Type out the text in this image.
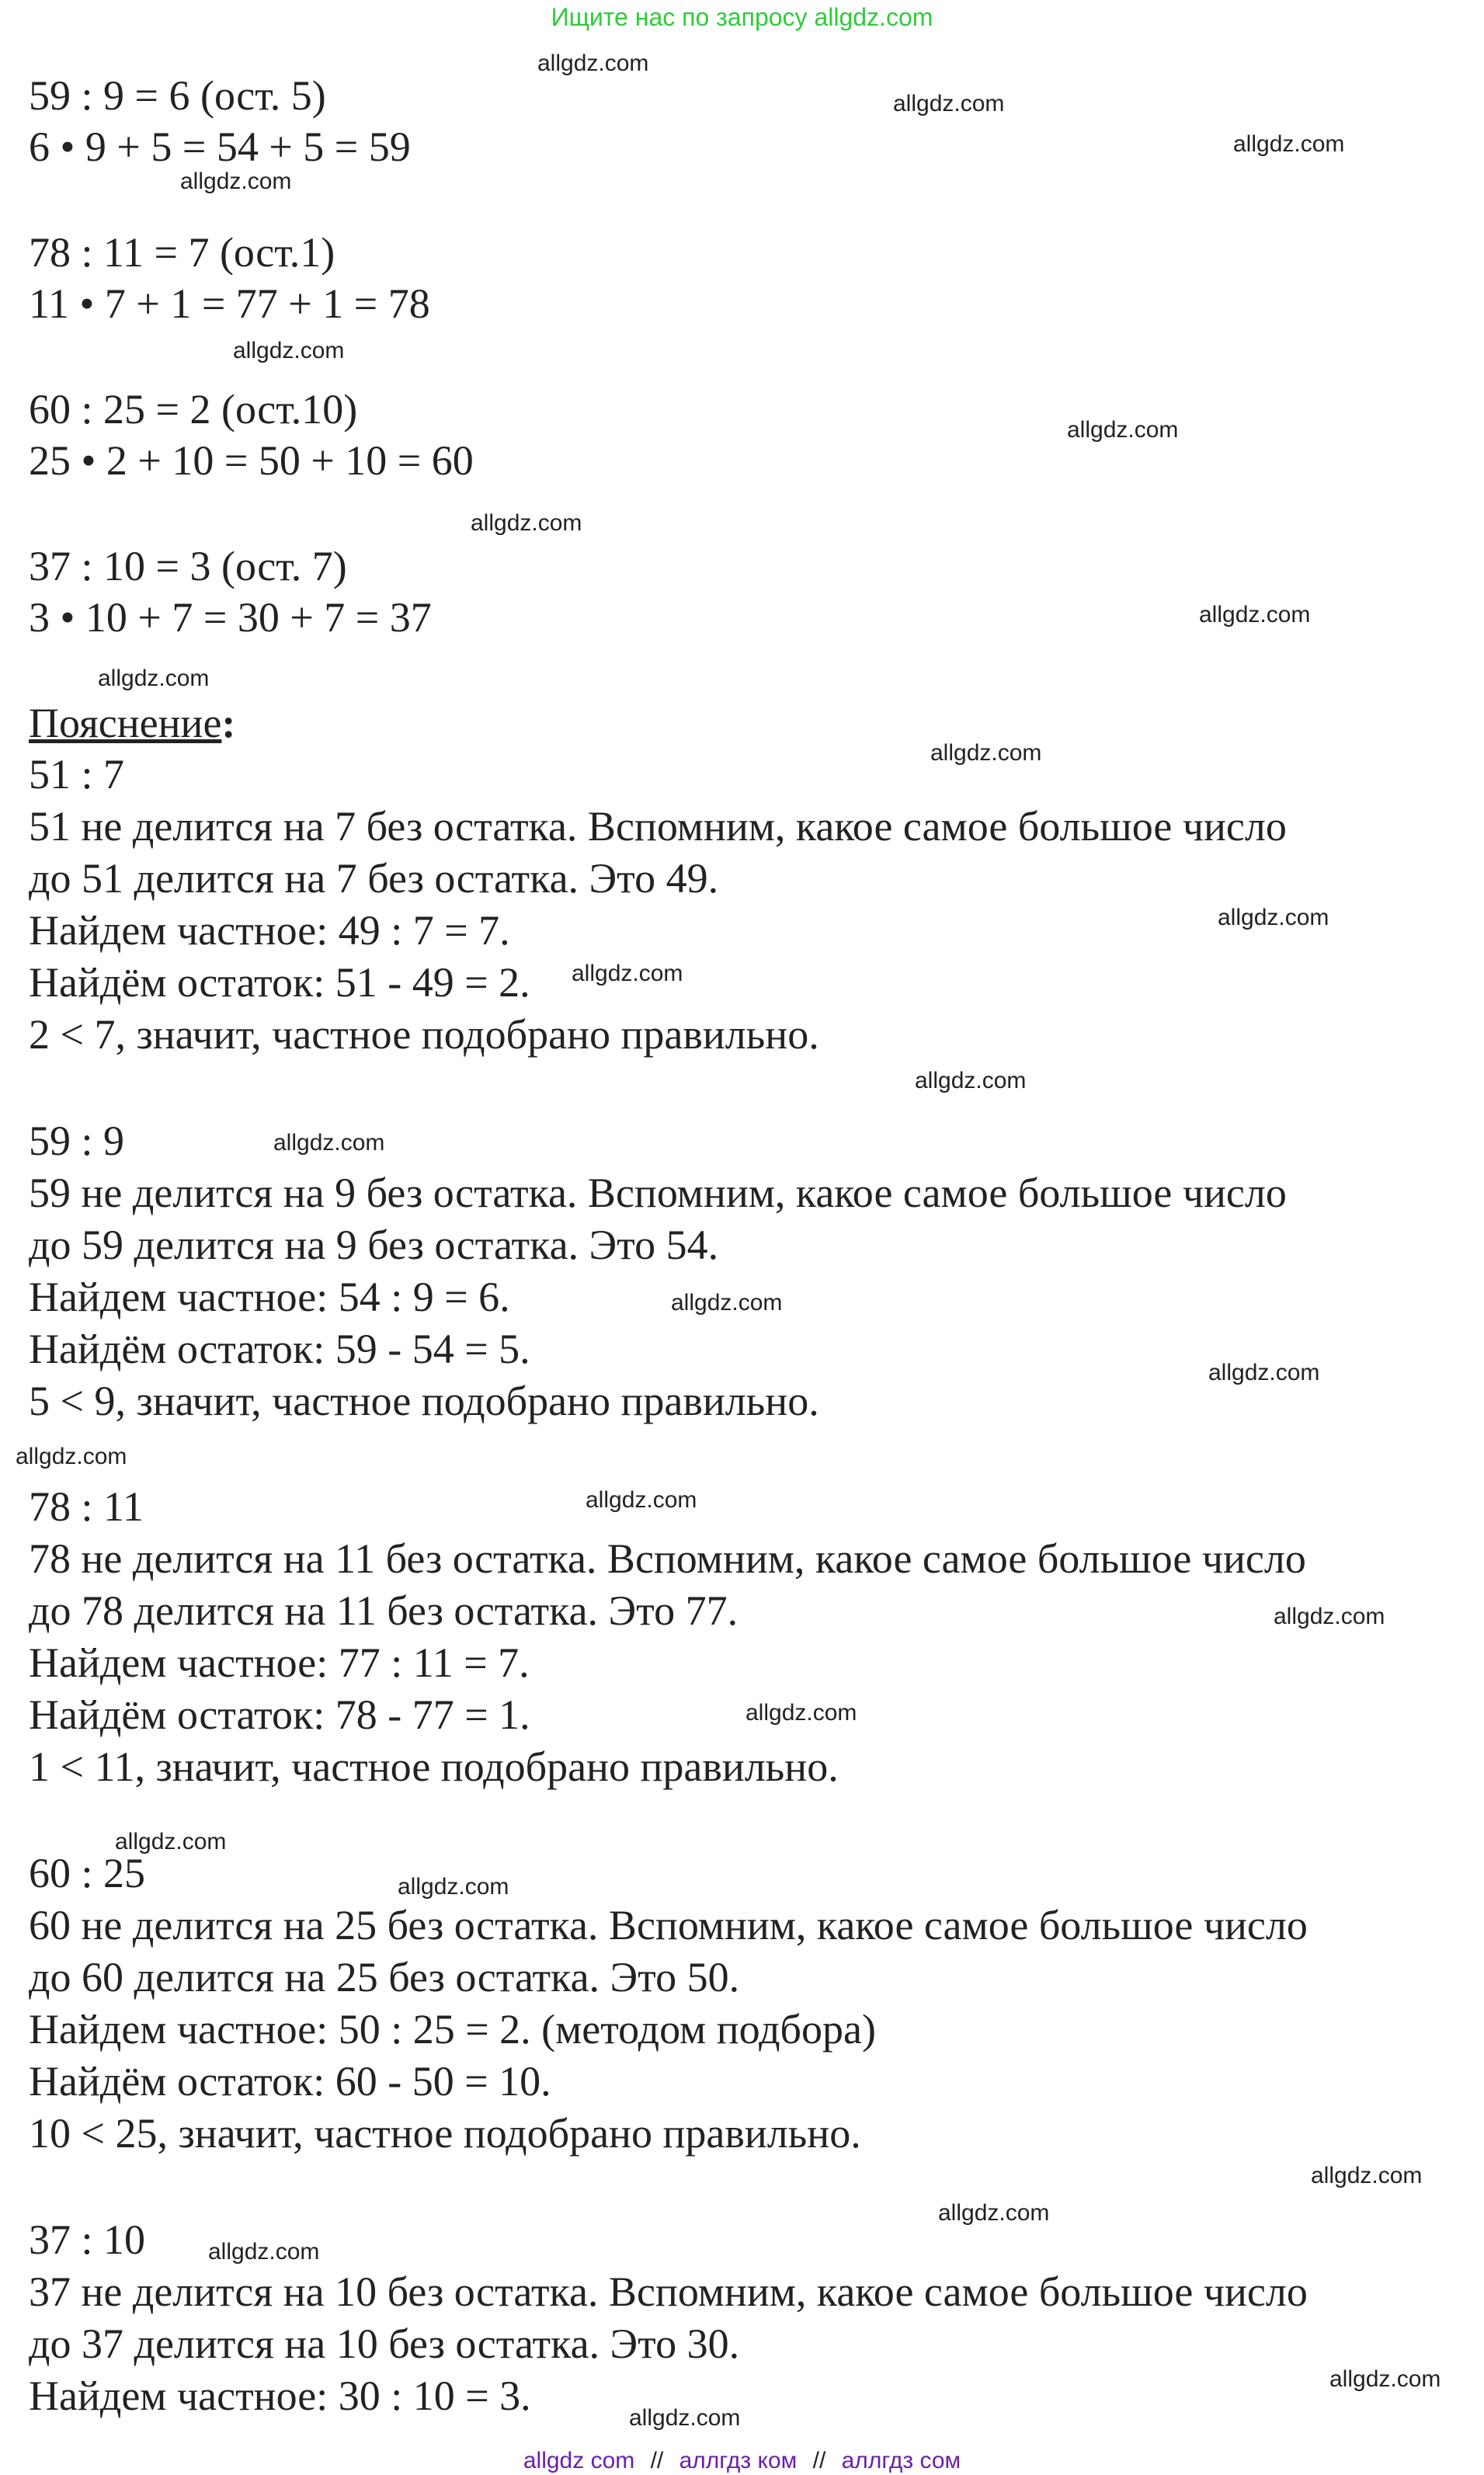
Ищите нас по запросу allgdz.com

59 : 9 = 6 (ост. 5)

6 • 9 + 5 = 54 + 5 = 59

78 : 11 = 7 (ост.1)

11 • 7 + 1 = 77 + 1 = 78

60 : 25 = 2 (ост.10)

25 • 2 + 10 = 50 + 10 = 60

37 : 10 = 3 (ост. 7)

3 • 10 + 7 = 30 + 7 = 37

Пояснение:

51 : 7

51 не делится на 7 без остатка. Вспомним, какое самое большое число

до 51 делится на 7 без остатка. Это 49.

Найдем частное: 49 : 7 = 7.

Найдём остаток: 51 - 49 = 2.

2 < 7, значит, частное подобрано правильно.

59 : 9

59 не делится на 9 без остатка. Вспомним, какое самое большое число

до 59 делится на 9 без остатка. Это 54.

Найдем частное: 54 : 9 = 6.

Найдём остаток: 59 - 54 = 5.

5 < 9, значит, частное подобрано правильно.

78 : 11

78 не делится на 11 без остатка. Вспомним, какое самое большое число

до 78 делится на 11 без остатка. Это 77.

Найдем частное: 77 : 11 = 7.

Найдём остаток: 78 - 77 = 1.

1 < 11, значит, частное подобрано правильно.

60 : 25

60 не делится на 25 без остатка. Вспомним, какое самое большое число

до 60 делится на 25 без остатка. Это 50.

Найдем частное: 50 : 25 = 2. (методом подбора)

Найдём остаток: 60 - 50 = 10.

10 < 25, значит, частное подобрано правильно.

37 : 10

37 не делится на 10 без остатка. Вспомним, какое самое большое число

до 37 делится на 10 без остатка. Это 30.

Найдем частное: 30 : 10 = 3.

allgdz.com
allgdz.com
allgdz.com
allgdz.com
allgdz.com
allgdz.com
allgdz.com
allgdz.com
allgdz.com
allgdz.com
allgdz.com
allgdz.com
allgdz.com
allgdz.com
allgdz.com
allgdz.com
allgdz.com
allgdz.com
allgdz.com
allgdz.com
allgdz.com
allgdz.com
allgdz.com
allgdz.com
allgdz.com
allgdz.com
allgdz.com
allgdz com // аллгдз ком // аллгдз сом
